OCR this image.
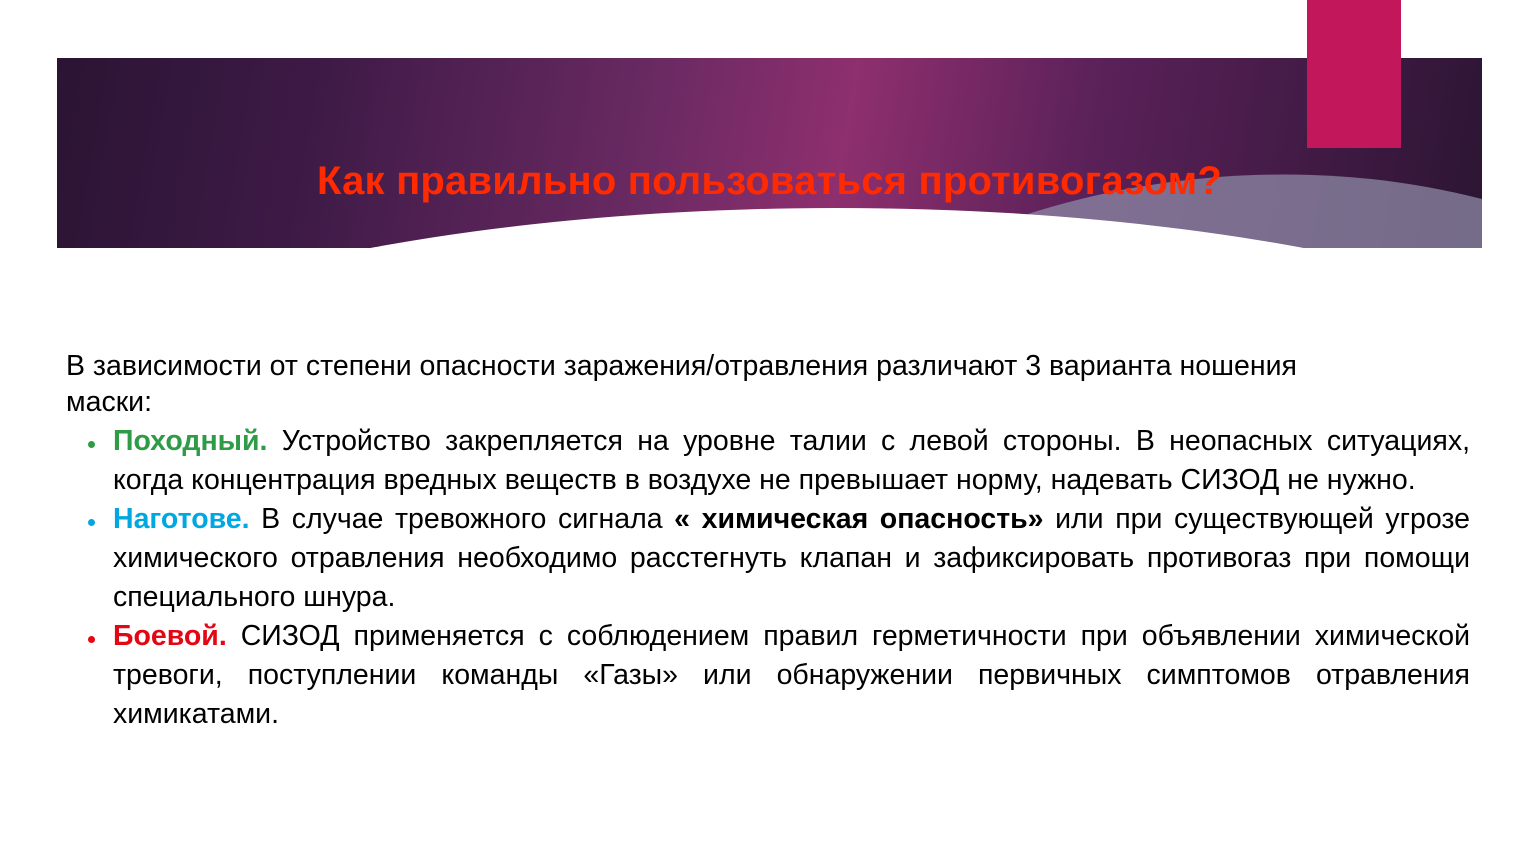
Как правильно пользоваться противогазом?

В зависимости от степени опасности заражения/отравления различают 3 варианта ношения
маски:

Походный. Устройство закрепляется на уровне талии с левой стороны. В неопасных ситуациях, когда концентрация вредных веществ в воздухе не превышает норму, надевать СИЗОД не нужно.
Наготове. В случае тревожного сигнала « химическая опасность» или при существующей угрозе химического отравления необходимо расстегнуть клапан и зафиксировать противогаз при помощи специального шнура.
Боевой. СИЗОД применяется с соблюдением правил герметичности при объявлении химической тревоги, поступлении команды «Газы» или обнаружении первичных симптомов отравления химикатами.
